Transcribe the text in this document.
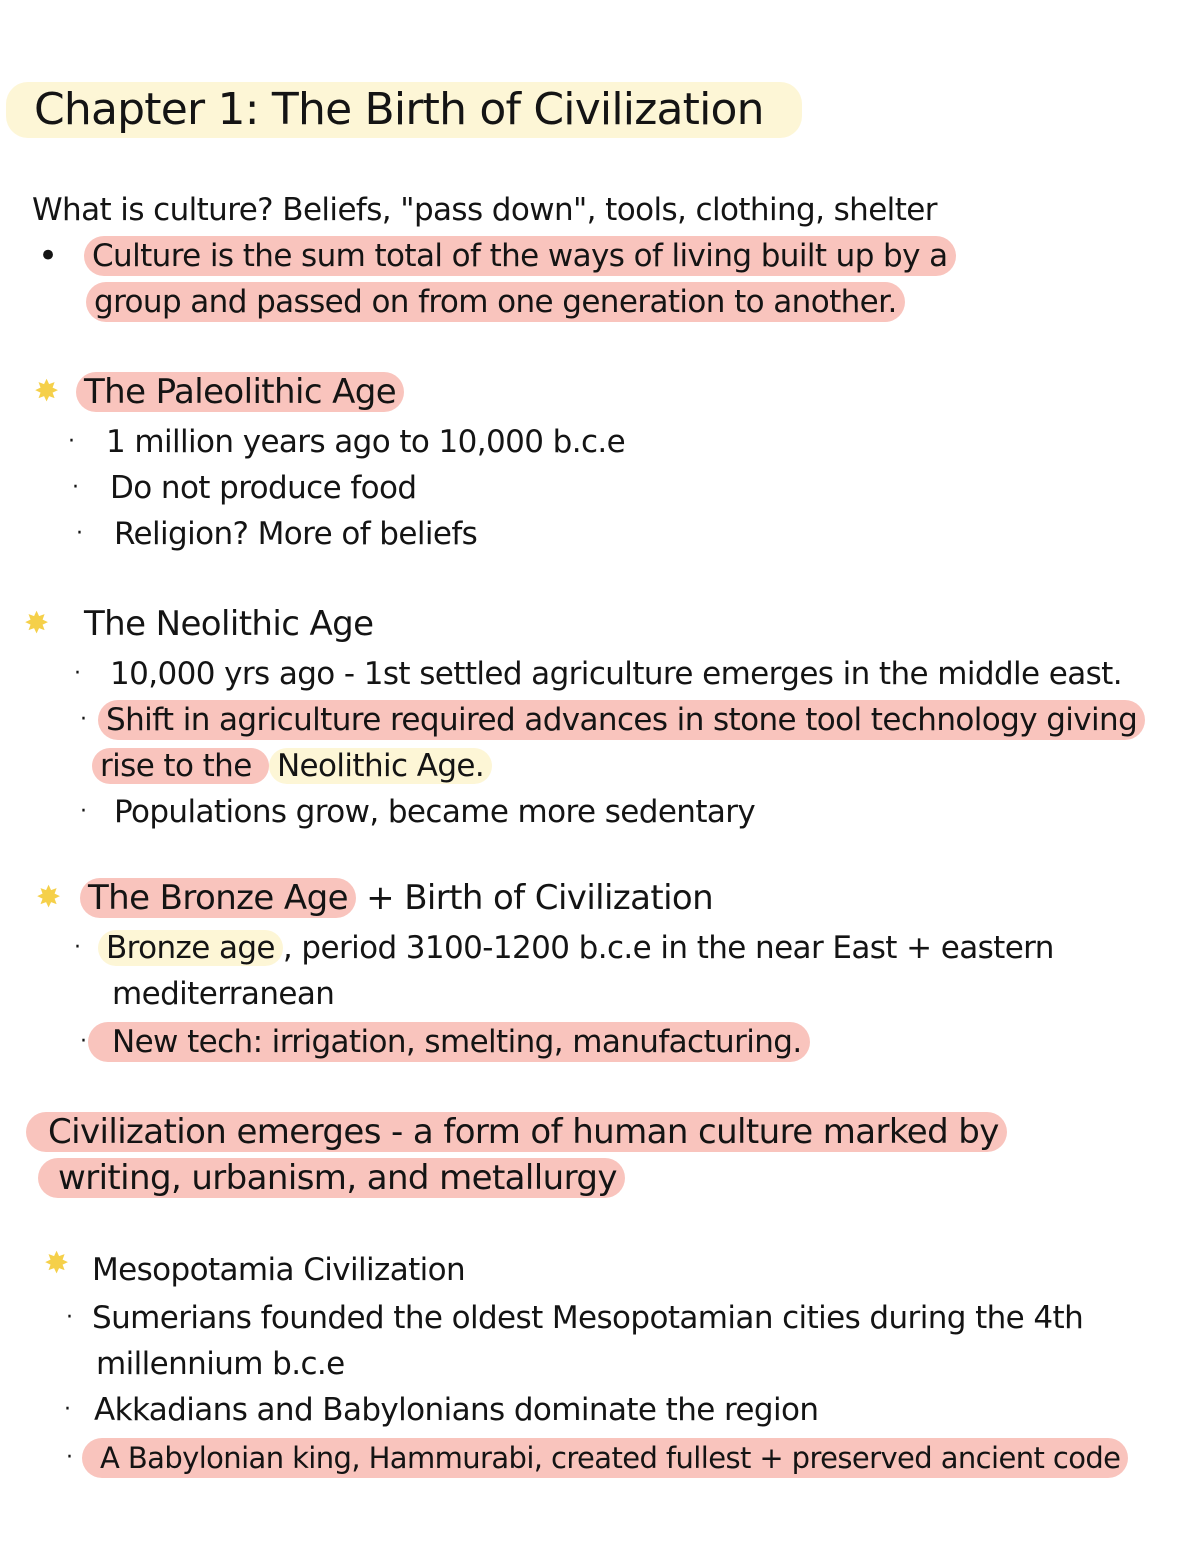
Chapter 1: The Birth of Civilization
What is culture? Beliefs, "pass down", tools, clothing, shelter
• Culture is the sum total of the ways of living built up by a
group and passed on from one generation to another.
✸ The Paleolithic Age
· 1 million years ago to 10,000 b.c.e
· Do not produce food
· Religion? More of beliefs
✸ The Neolithic Age
· 10,000 yrs ago - 1st settled agriculture emerges in the middle east.
· Shift in agriculture required advances in stone tool technology giving
rise to the Neolithic Age.
· Populations grow, became more sedentary
✸ The Bronze Age + Birth of Civilization
· Bronze age , period 3100-1200 b.c.e in the near East + eastern
mediterranean
· New tech: irrigation, smelting, manufacturing.
Civilization emerges - a form of human culture marked by
writing, urbanism, and metallurgy
✸ Mesopotamia Civilization
· Sumerians founded the oldest Mesopotamian cities during the 4th
millennium b.c.e
· Akkadians and Babylonians dominate the region
· A Babylonian king, Hammurabi, created fullest + preserved ancient code
